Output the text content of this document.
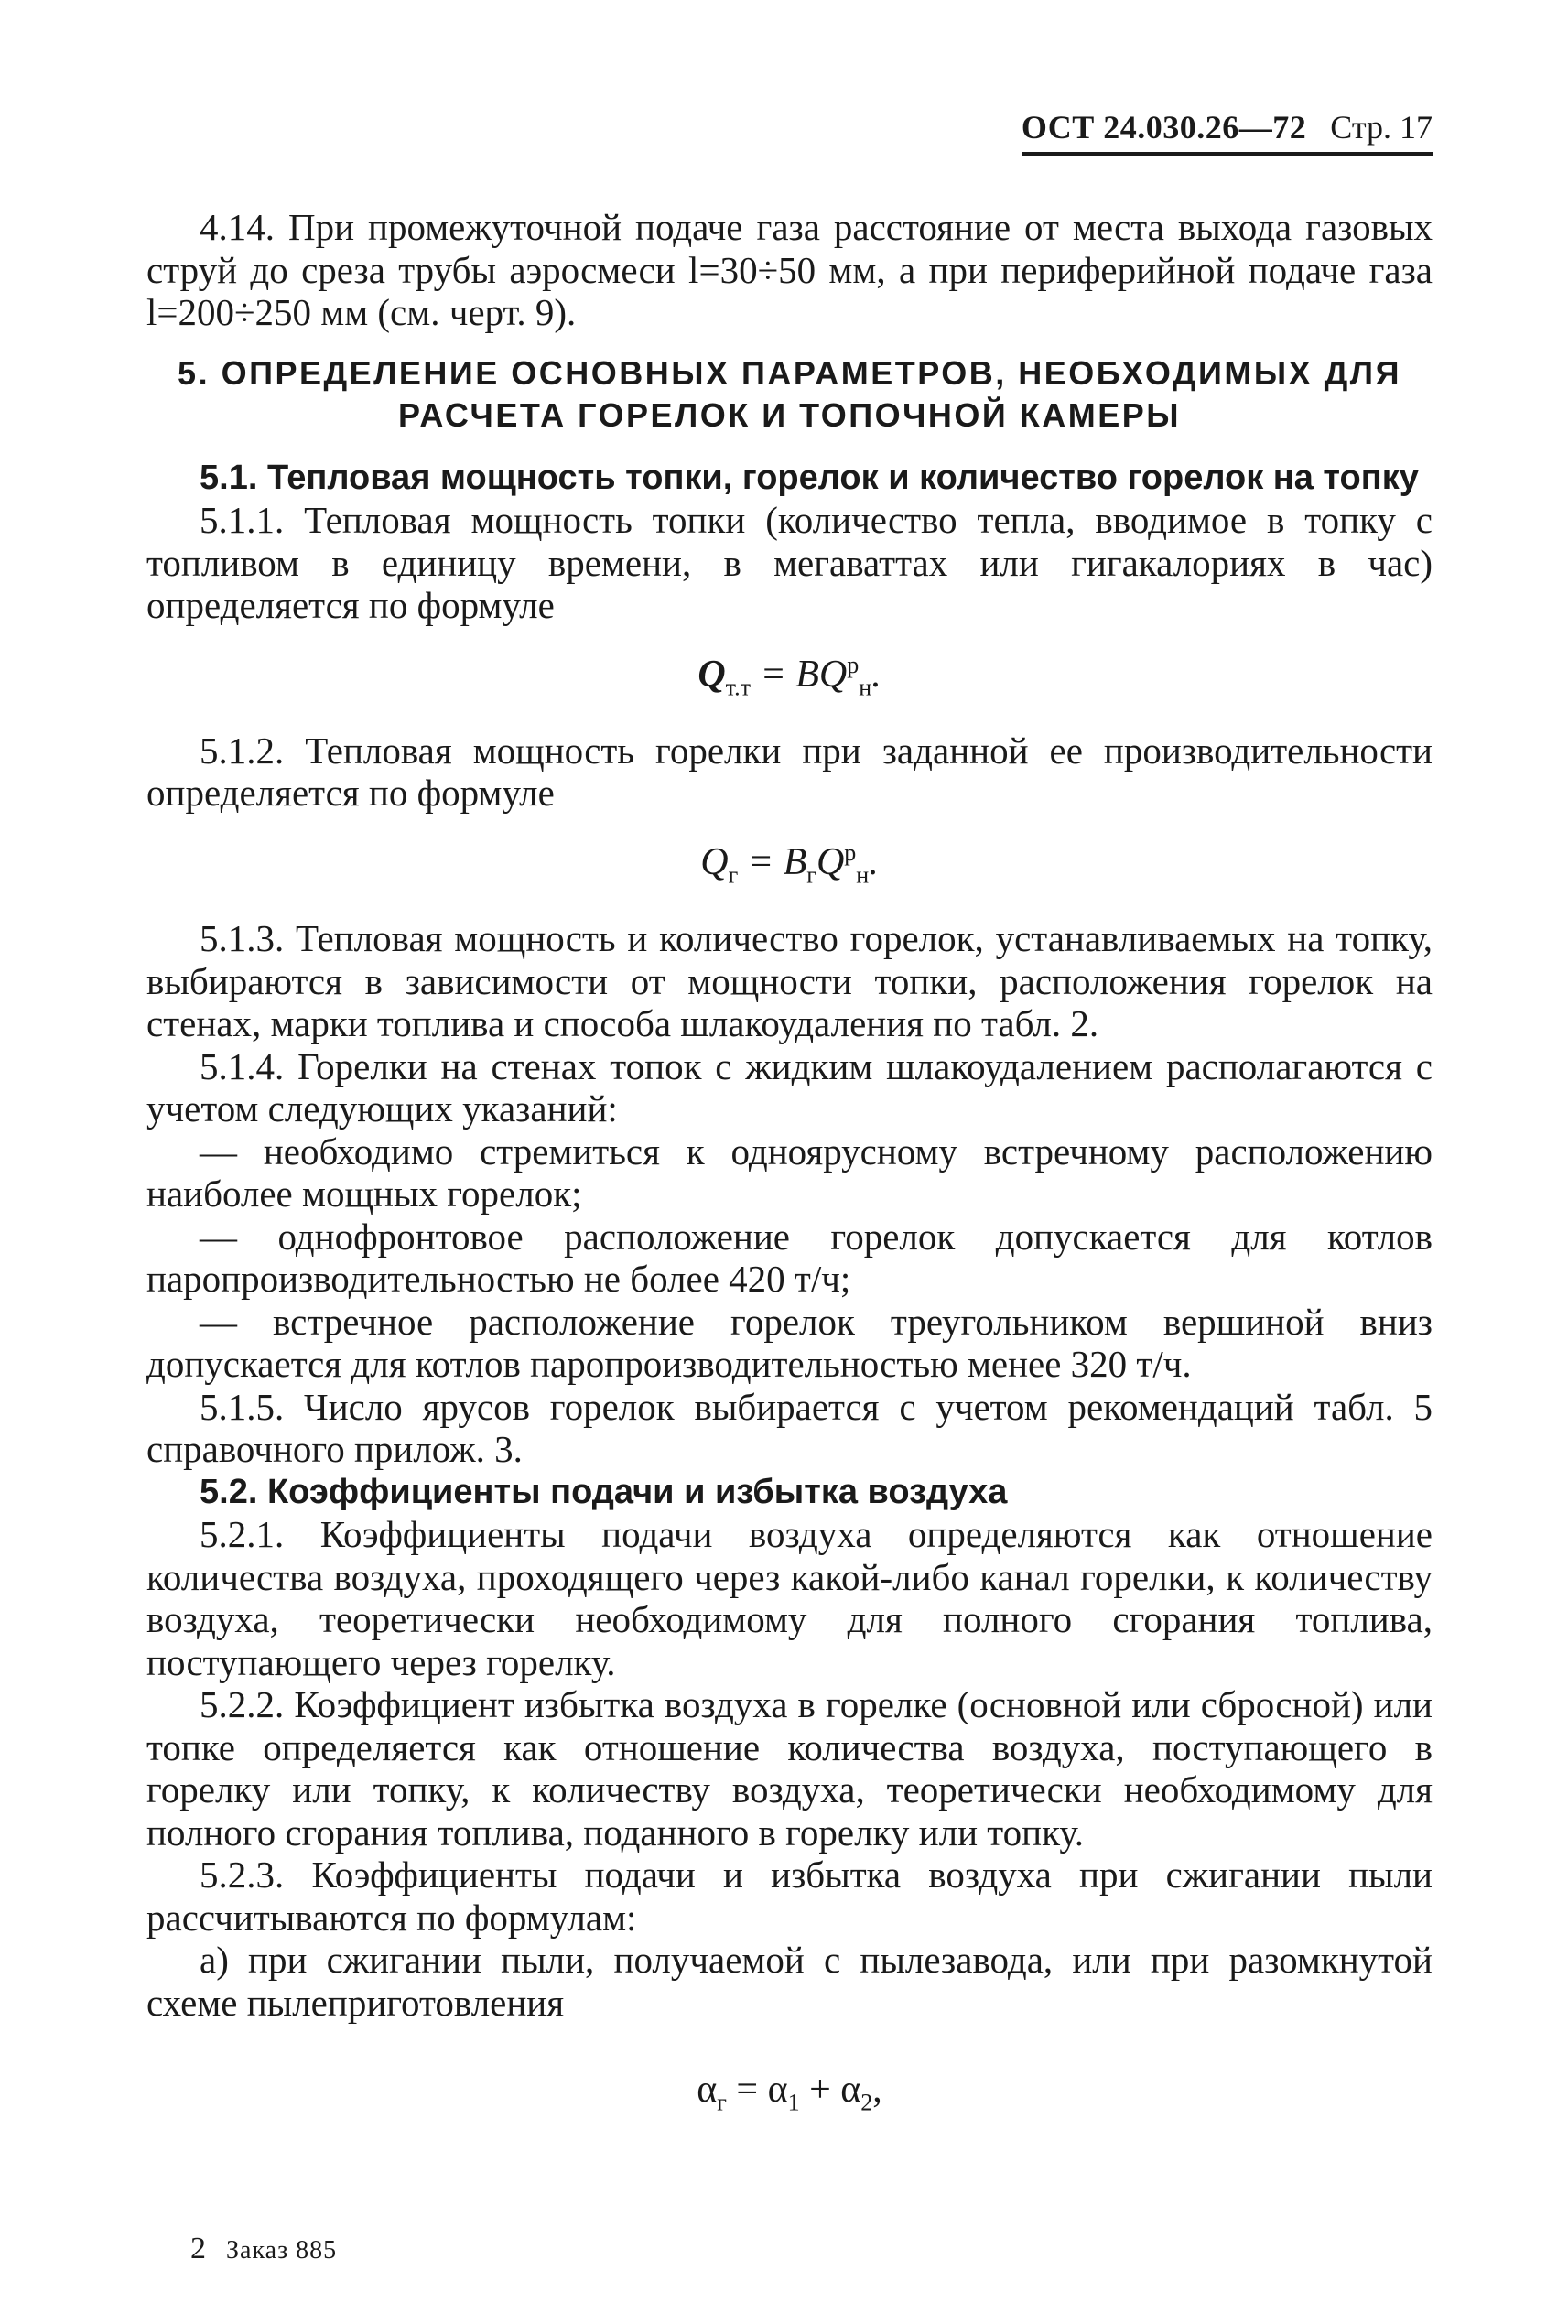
ОСТ 24.030.26—72 Стр. 17

4.14. При промежуточной подаче газа расстояние от места выхода газовых струй до среза трубы аэросмеси l=30÷50 мм, а при периферийной подаче газа l=200÷250 мм (см. черт. 9).

5. ОПРЕДЕЛЕНИЕ ОСНОВНЫХ ПАРАМЕТРОВ, НЕОБХОДИМЫХ ДЛЯ РАСЧЕТА ГОРЕЛОК И ТОПОЧНОЙ КАМЕРЫ

5.1. Тепловая мощность топки, горелок и количество горелок на топку

5.1.1. Тепловая мощность топки (количество тепла, вводимое в топку с топливом в единицу времени, в мегаваттах или гигакалориях в час) определяется по формуле

$Q_{т.т} = BQ^р_н$.

5.1.2. Тепловая мощность горелки при заданной ее производительности определяется по формуле

$Q_г = B_гQ^р_н$.

5.1.3. Тепловая мощность и количество горелок, устанавливаемых на топку, выбираются в зависимости от мощности топки, расположения горелок на стенах, марки топлива и способа шлакоудаления по табл. 2.

5.1.4. Горелки на стенах топок с жидким шлакоудалением располагаются с учетом следующих указаний:

— необходимо стремиться к одноярусному встречному расположению наиболее мощных горелок;

— однофронтовое расположение горелок допускается для котлов паропроизводительностью не более 420 т/ч;

— встречное расположение горелок треугольником вершиной вниз допускается для котлов паропроизводительностью менее 320 т/ч.

5.1.5. Число ярусов горелок выбирается с учетом рекомендаций табл. 5 справочного прилож. 3.

5.2. Коэффициенты подачи и избытка воздуха

5.2.1. Коэффициенты подачи воздуха определяются как отношение количества воздуха, проходящего через какой-либо канал горелки, к количеству воздуха, теоретически необходимому для полного сгорания топлива, поступающего через горелку.

5.2.2. Коэффициент избытка воздуха в горелке (основной или сбросной) или топке определяется как отношение количества воздуха, поступающего в горелку или топку, к количеству воздуха, теоретически необходимому для полного сгорания топлива, поданного в горелку или топку.

5.2.3. Коэффициенты подачи и избытка воздуха при сжигании пыли рассчитываются по формулам:

а) при сжигании пыли, получаемой с пылезавода, или при разомкнутой схеме пылеприготовления

$\alpha_г = \alpha_1 + \alpha_2$,
2 Заказ 885
